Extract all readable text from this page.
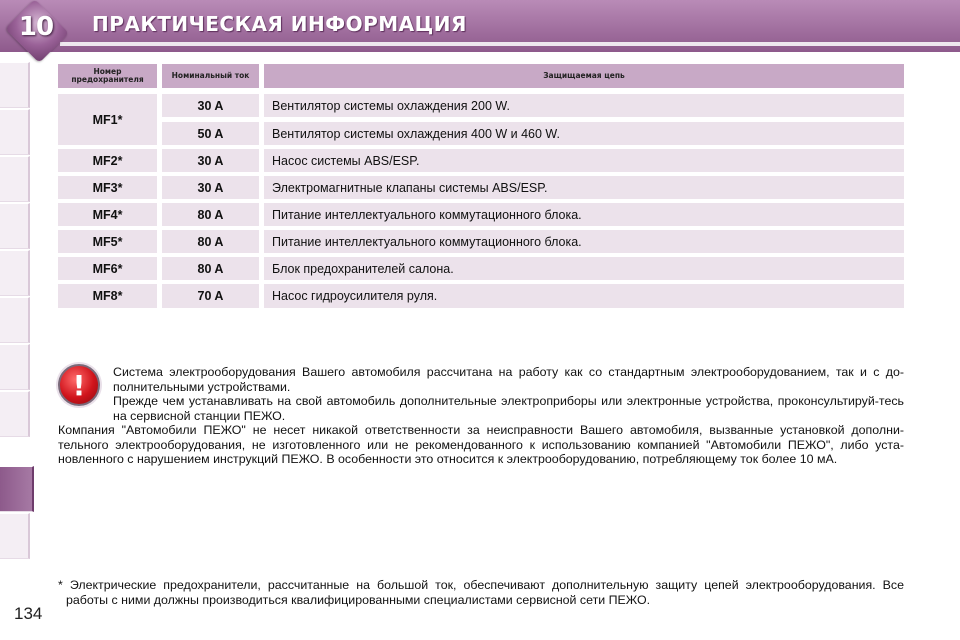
10	ПРАКТИЧЕСКАЯ ИНФОРМАЦИЯ
Номер предохранителя	Номинальный ток	Защищаемая цепь
MF1*
30 A	Вентилятор системы охлаждения 200 W.
50 A	Вентилятор системы охлаждения 400 W и 460 W.
MF2*	30 A	Насос системы ABS/ESP.
MF3*	30 A	Электромагнитные клапаны системы ABS/ESP.
MF4*	80 A	Питание интеллектуального коммутационного блока.
MF5*	80 A	Питание интеллектуального коммутационного блока.
MF6*	80 A	Блок предохранителей салона.
MF8*	70 A	Насос гидроусилителя руля.
!	Система электрооборудования Вашего автомобиля рассчитана на работу как со стандартным электрооборудованием, так и с до-полнительными устройствами.
Прежде чем устанавливать на свой автомобиль дополнительные электроприборы или электронные устройства, проконсультируй-тесь на сервисной станции ПЕЖО.
Компания "Автомобили ПЕЖО" не несет никакой ответственности за неисправности Вашего автомобиля, вызванные установкой дополни-тельного электрооборудования, не изготовленного или не рекомендованного к использованию компанией "Автомобили ПЕЖО", либо уста-новленного с нарушением инструкций ПЕЖО. В особенности это относится к электрооборудованию, потребляющему ток более 10 мА.
* Электрические предохранители, рассчитанные на большой ток, обеспечивают дополнительную защиту цепей электрооборудования. Все работы с ними должны производиться квалифицированными специалистами сервисной сети ПЕЖО.
134
